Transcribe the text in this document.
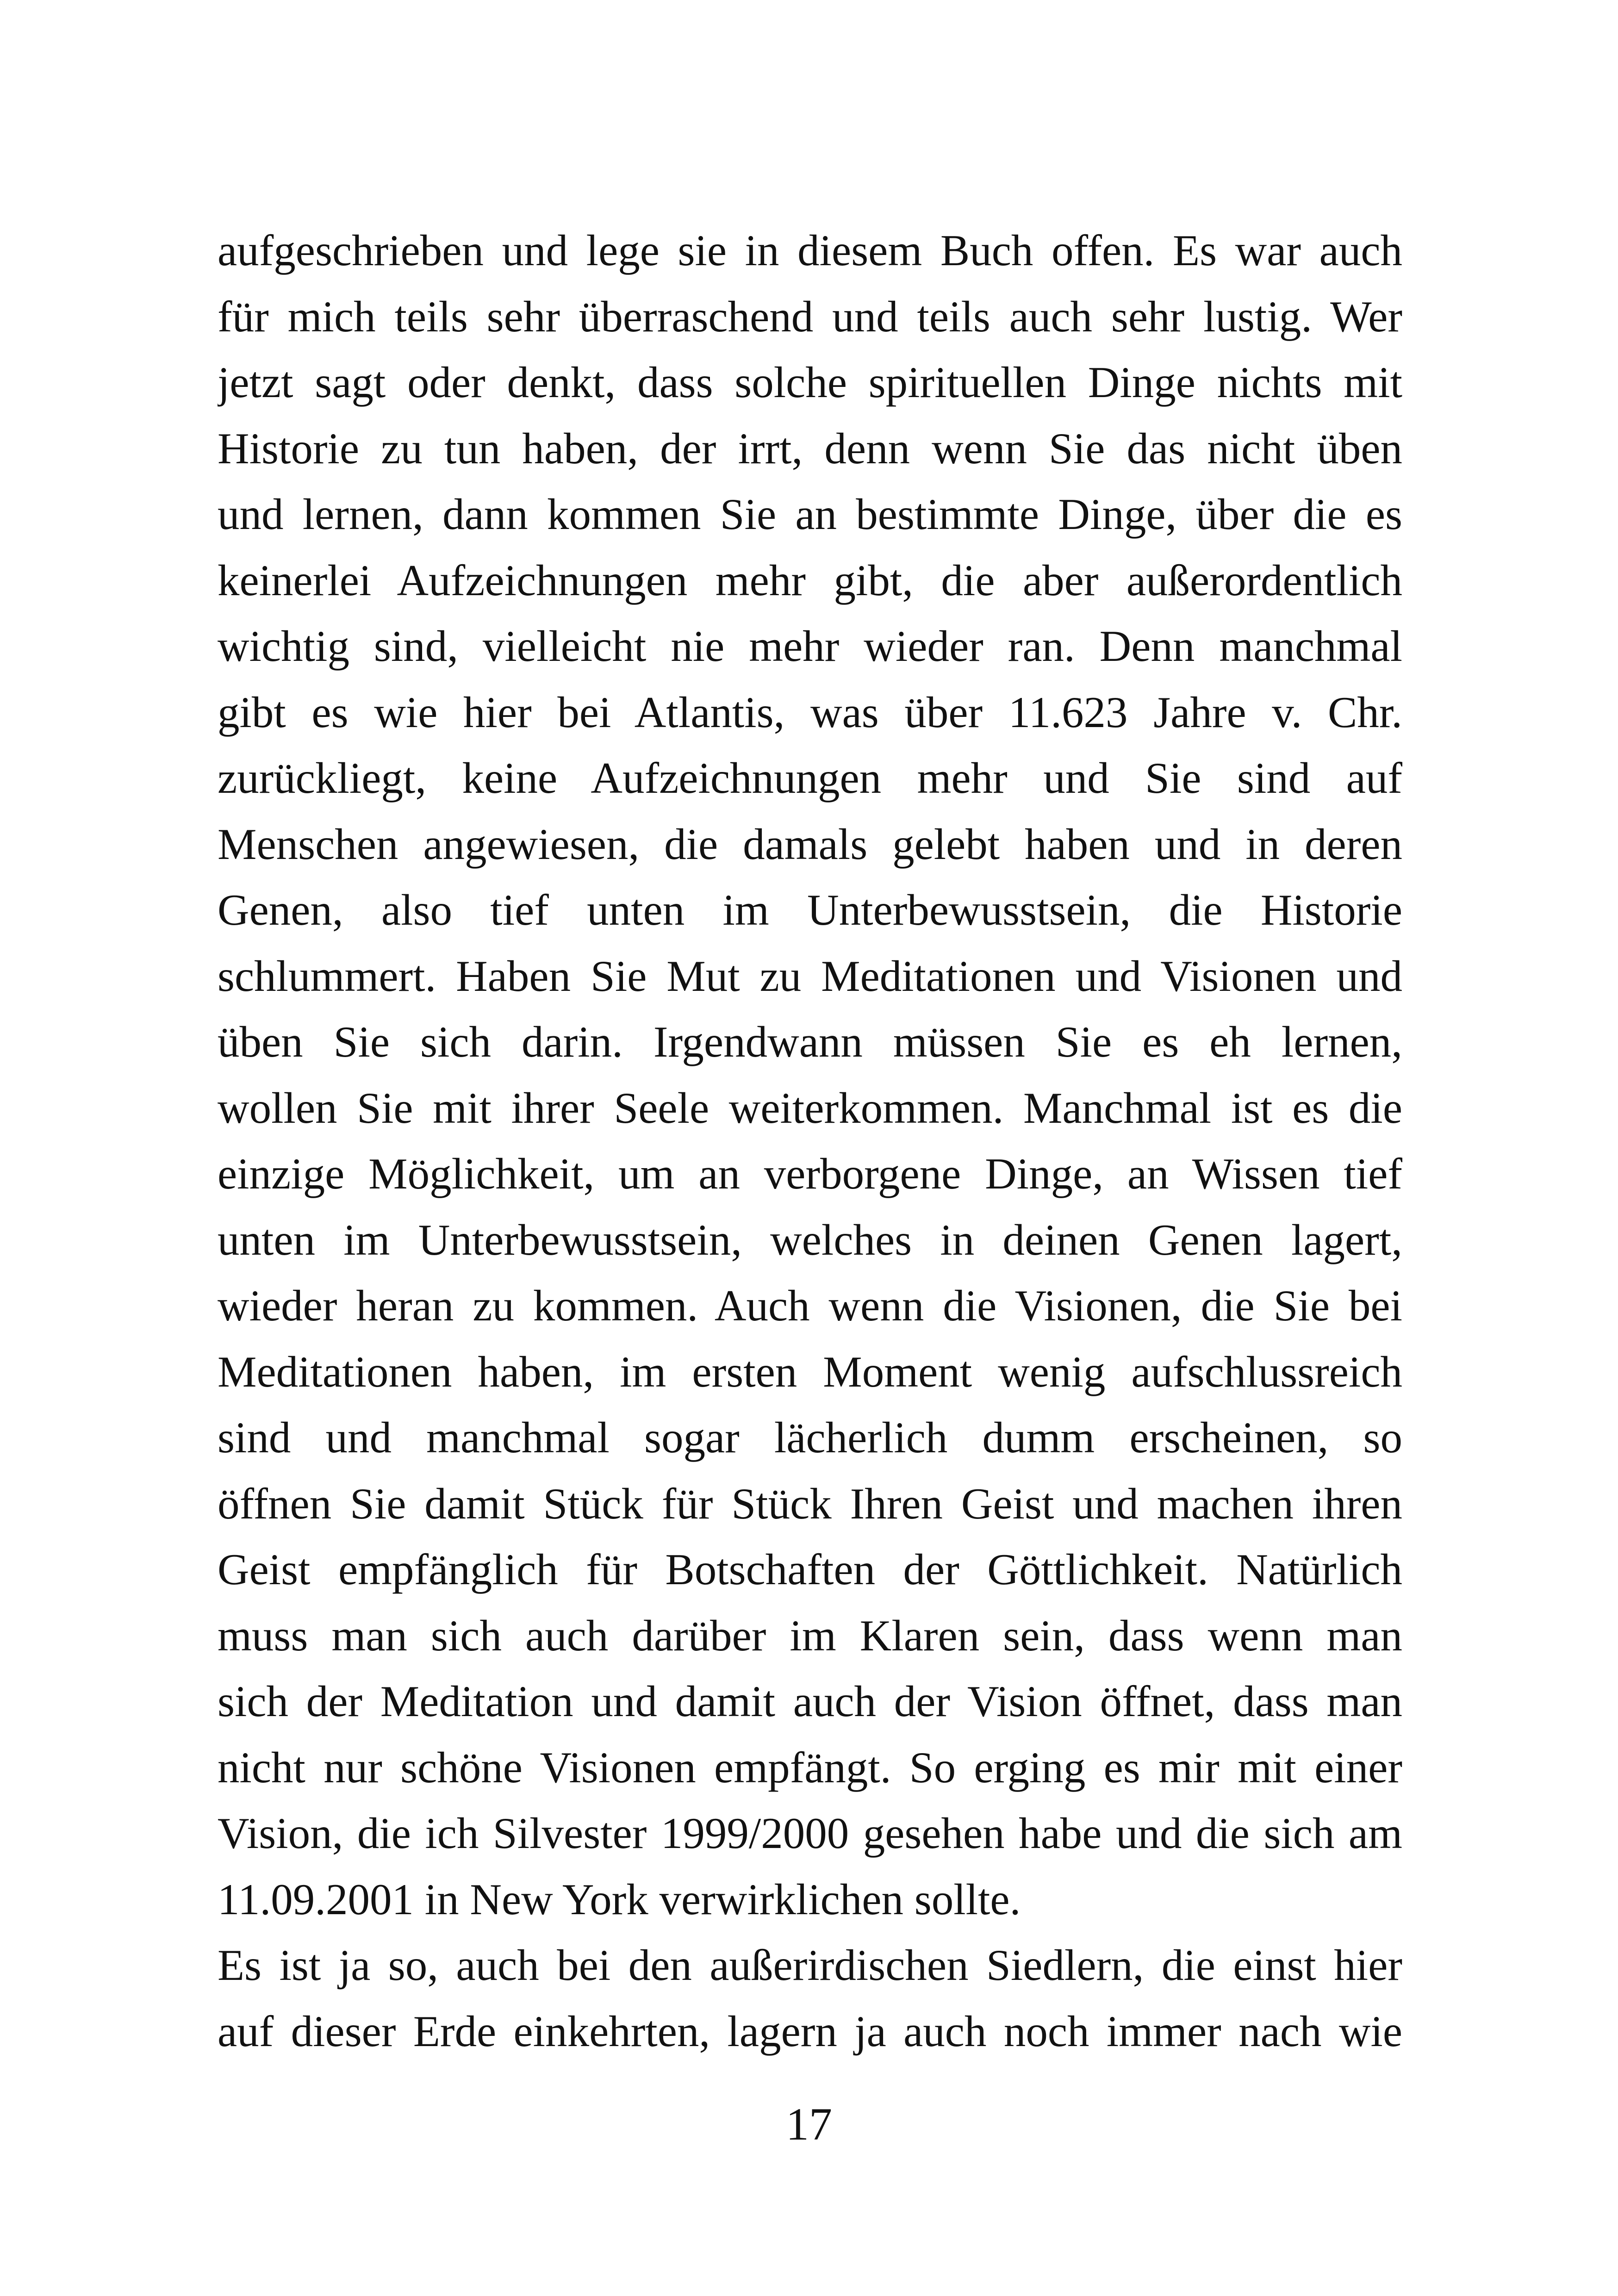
aufgeschrieben und lege sie in diesem Buch offen. Es war auch
für mich teils sehr überraschend und teils auch sehr lustig. Wer
jetzt sagt oder denkt, dass solche spirituellen Dinge nichts mit
Historie zu tun haben, der irrt, denn wenn Sie das nicht üben
und lernen, dann kommen Sie an bestimmte Dinge, über die es
keinerlei Aufzeichnungen mehr gibt, die aber außerordentlich
wichtig sind, vielleicht nie mehr wieder ran. Denn manchmal
gibt es wie hier bei Atlantis, was über 11.623 Jahre v. Chr.
zurückliegt, keine Aufzeichnungen mehr und Sie sind auf
Menschen angewiesen, die damals gelebt haben und in deren
Genen, also tief unten im Unterbewusstsein, die Historie
schlummert. Haben Sie Mut zu Meditationen und Visionen und
üben Sie sich darin. Irgendwann müssen Sie es eh lernen,
wollen Sie mit ihrer Seele weiterkommen. Manchmal ist es die
einzige Möglichkeit, um an verborgene Dinge, an Wissen tief
unten im Unterbewusstsein, welches in deinen Genen lagert,
wieder heran zu kommen. Auch wenn die Visionen, die Sie bei
Meditationen haben, im ersten Moment wenig aufschlussreich
sind und manchmal sogar lächerlich dumm erscheinen, so
öffnen Sie damit Stück für Stück Ihren Geist und machen ihren
Geist empfänglich für Botschaften der Göttlichkeit. Natürlich
muss man sich auch darüber im Klaren sein, dass wenn man
sich der Meditation und damit auch der Vision öffnet, dass man
nicht nur schöne Visionen empfängt. So erging es mir mit einer
Vision, die ich Silvester 1999/2000 gesehen habe und die sich am
11.09.2001 in New York verwirklichen sollte.
Es ist ja so, auch bei den außerirdischen Siedlern, die einst hier
auf dieser Erde einkehrten, lagern ja auch noch immer nach wie
17
